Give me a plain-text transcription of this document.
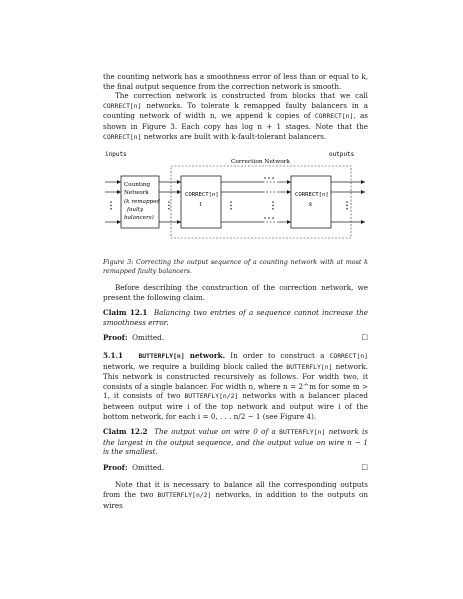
the counting network has a smoothness error of less than or equal to k, the final output sequence from the correction network is smooth.

The correction network is constructed from blocks that we call CORRECT[n] networks. To tolerate k remapped faulty balancers in a counting network of width n, we append k copies of CORRECT[n], as shown in Figure 3. Each copy has log n + 1 stages. Note that the CORRECT[n] networks are built with k-fault-tolerant balancers.

inputs	outputs
Correction Network
Counting
Network
(k remapped
faulty
balancers)
CORRECT[n]
1
CORRECT[n]
k

Figure 3: Correcting the output sequence of a counting network with at most k remapped faulty balancers.

Before describing the construction of the correction network, we present the following claim.

Claim 12.1 Balancing two entries of a sequence cannot increase the smoothness error.

Proof: Omitted.	□

5.1.1 BUTTERFLY[n] network. In order to construct a CORRECT[n] network, we require a building block called the BUTTERFLY[n] network. This network is constructed recursively as follows. For width two, it consists of a single balancer. For width n, where n = 2^m for some m > 1, it consists of two BUTTERFLY[n/2] networks with a balancer placed between output wire i of the top network and output wire i of the bottom network, for each i = 0, . . . n/2 − 1 (see Figure 4).

Claim 12.2 The output value on wire 0 of a BUTTERFLY[n] network is the largest in the output sequence, and the output value on wire n − 1 is the smallest.

Proof: Omitted.	□

Note that it is necessary to balance all the corresponding outputs from the two BUTTERFLY[n/2] networks, in addition to the outputs on wires
